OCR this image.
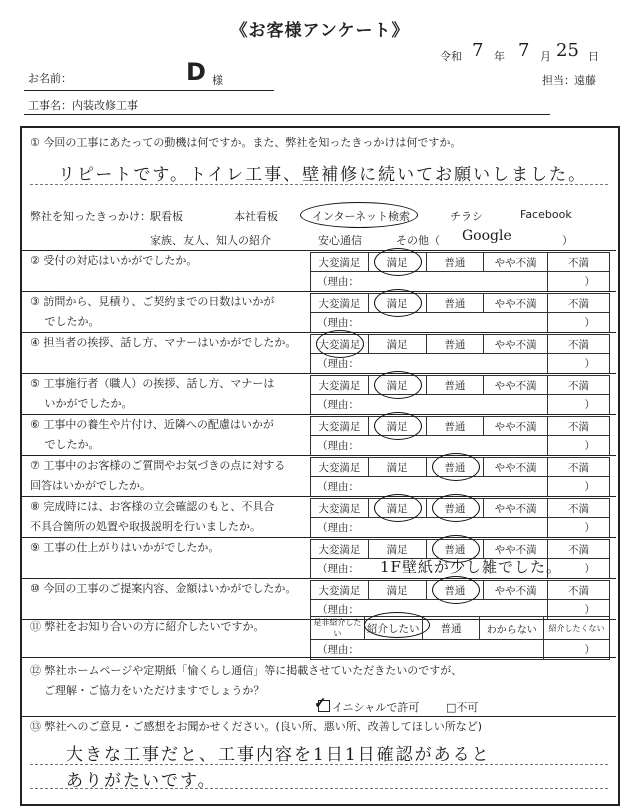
《お客様アンケート》
令和 7 年 7 月 25 日
お名前：	D 様	担当： 遠藤
工事名： 内装改修工事
① 今回の工事にあたっての動機は何ですか。また、弊社を知ったきっかけは何ですか。
リピートです。トイレ工事、壁補修に続いてお願いしました。
弊社を知ったきっかけ： 駅看板	本社看板	インターネット検索	チラシ	Facebook
家族、友人、知人の紹介	安心通信	その他（ Google	）
② 受付の対応はいかがでしたか。	大変満足	満足	普通	やや不満	不満
（理由：				）
③ 訪問から、見積り、ご契約までの日数はいかが
　 でしたか。
大変満足	満足	普通	やや不満	不満
（理由：				）
④ 担当者の挨拶、話し方、マナーはいかがでしたか。 大変満足	満足	普通	やや不満	不満
（理由：				）
⑤ 工事施行者（職人）の挨拶、話し方、マナーは
　 いかがでしたか。
大変満足	満足	普通	やや不満	不満
（理由：				）
⑥ 工事中の養生や片付け、近隣への配慮はいかが
　 でしたか。
大変満足	満足	普通	やや不満	不満
（理由：				）
⑦ 工事中のお客様のご質問やお気づきの点に対する
回答はいかがでしたか。
大変満足	満足	普通	やや不満	不満
（理由：				）
⑧ 完成時には、お客様の立会確認のもと、不具合
不具合箇所の処置や取扱説明を行いましたか。
大変満足	満足	普通	やや不満	不満
（理由：				）
⑨ 工事の仕上がりはいかがでしたか。	大変満足	満足	普通	やや不満	不満
（理由：				）
⑩ 今回の工事のご提案内容、金額はいかがでしたか。 大変満足	満足	普通	やや不満	不満
（理由：				）
1F壁紙が少し雑でした。
⑪ 弊社をお知り合いの方に紹介したいですか。	是非紹介したい	紹介したい	普通	わからない	紹介したくない
（理由：				）
⑫ 弊社ホームページや定期紙「愉くらし通信」等に掲載させていただきたいのですが、
ご理解・ご協力をいただけますでしょうか？
✓ イニシャルで許可 □不可
⑬ 弊社へのご意見・ご感想をお聞かせください。(良い所、悪い所、改善してほしい所など)
大きな工事だと、工事内容を1日1日確認があると
ありがたいです。
